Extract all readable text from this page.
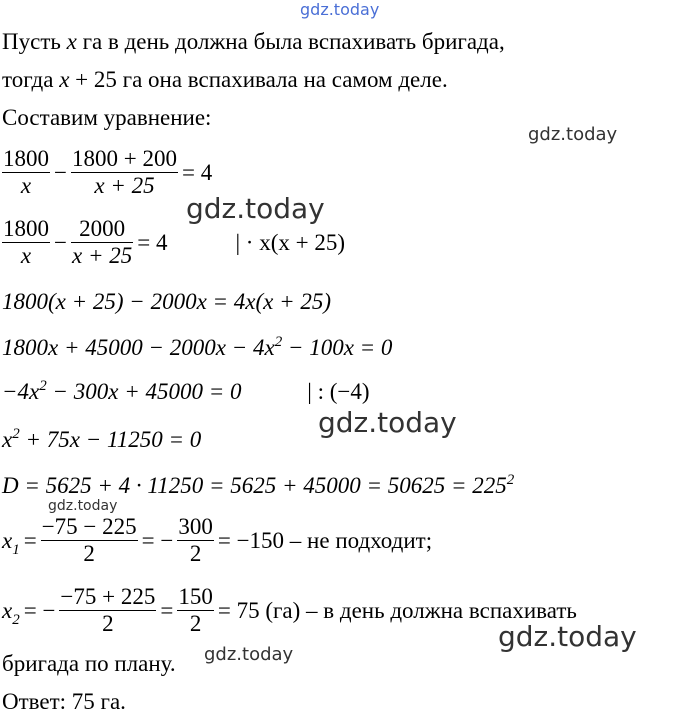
gdz.today
gdz.today
gdz.today
gdz.today
gdz.today
gdz.today
gdz.today
Пусть x га в день должна была вспахивать бригада,
тогда x + 25 га она вспахивала на самом деле.
Составим уравнение:
$\frac{1800}{x} - \frac{1800 + 200}{x + 25} = 4$
$\frac{1800}{x} - \frac{2000}{x + 25} = 4$	| · x(x + 25)
1800(x + 25) − 2000x = 4x(x + 25)
$1800x + 45000 - 2000x - 4x^2 - 100x = 0$
$-4x^2 - 300x + 45000 = 0$	| : (−4)
$x^2 + 75x - 11250 = 0$
$D = 5625 + 4 \cdot 11250 = 5625 + 45000 = 50625 = 225^2$
$x_1 = \frac{-75 - 225}{2}$ = − $\frac{300}{2} = -150$ – не подходит;
$x_2$ = − $\frac{-75 + 225}{2} = \frac{150}{2} = 75$ (га) – в день должна вспахивать
бригада по плану.
Ответ: 75 га.
